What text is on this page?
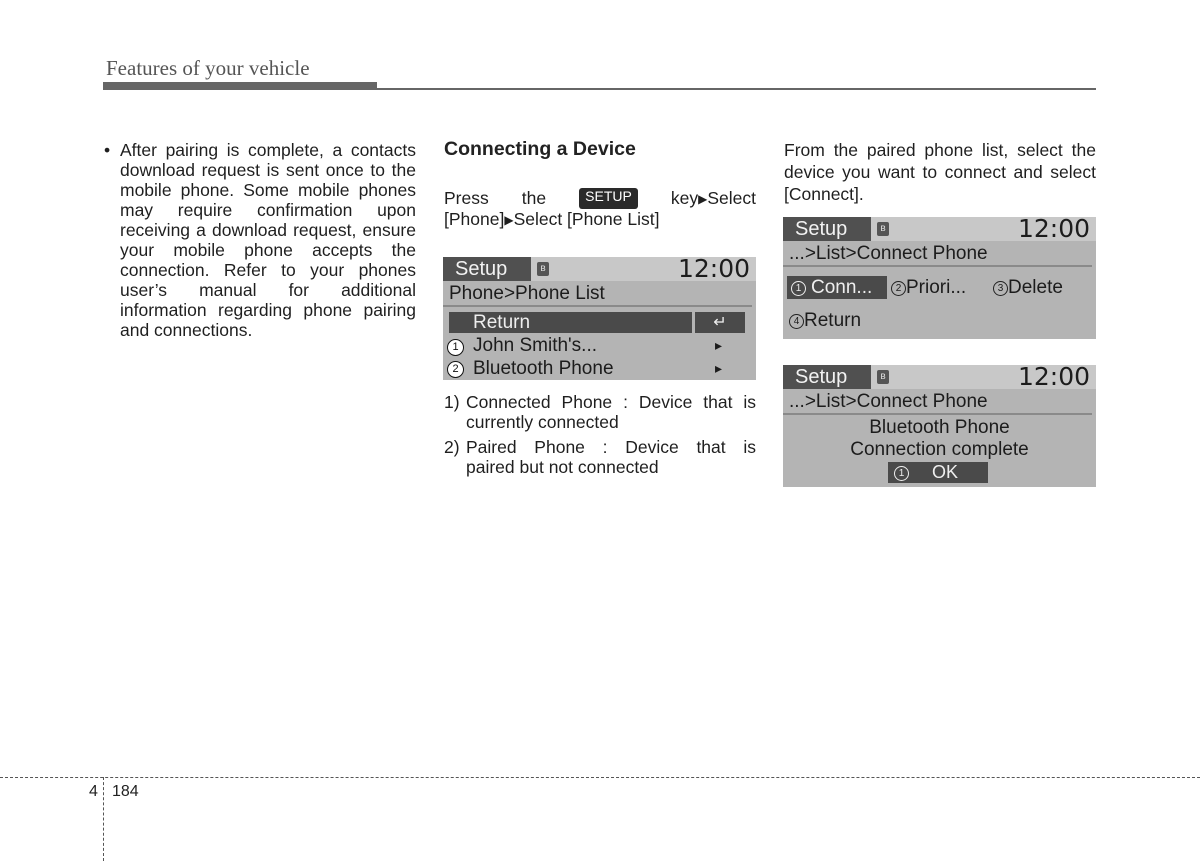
Features of your vehicle
• After pairing is complete, a contacts download request is sent once to the mobile phone. Some mobile phones may require confirmation upon receiving a download request, ensure your mobile phone accepts the connection. Refer to your phones user’s manual for additional information regarding phone pairing and connections.
Connecting a Device
Press the	SETUP	key▶Select
[Phone]▶Select [Phone List]
Setup	ʙ	12:00
Phone>Phone List
↵
Return
John Smith's...	▸
Bluetooth Phone	▸
1
2
1) Connected Phone : Device that is
currently connected
2) Paired Phone : Device that is
paired but not connected
From the paired phone list, select the device you want to connect and select [Connect].
Setup	ʙ	12:00
...>List>Connect Phone
1 Conn...	2 Priori...	3 Delete
4 Return
Setup	ʙ	12:00
...>List>Connect Phone
Bluetooth Phone
Connection complete
1 OK
4 184
